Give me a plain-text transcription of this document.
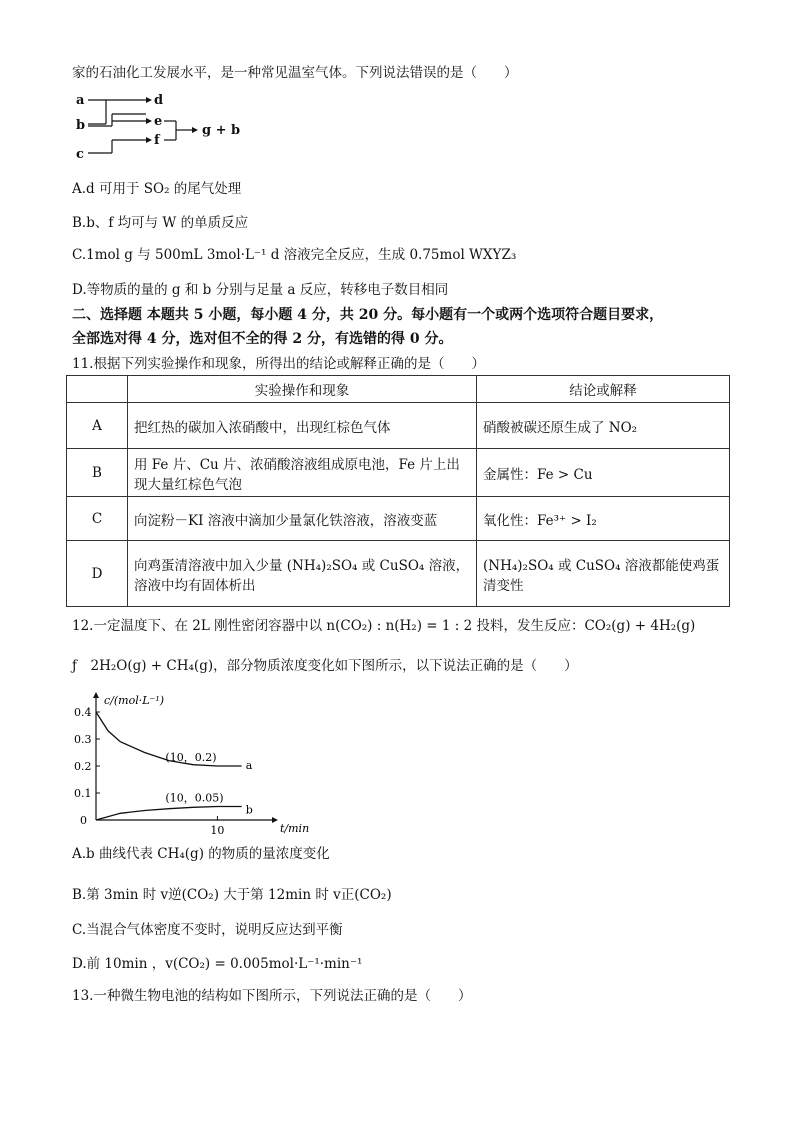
家的石油化工发展水平，是一种常见温室气体。下列说法错误的是（　　）
a
b
c
d
e
f
g + b
A.d 可用于 SO₂ 的尾气处理
B.b、f 均可与 W 的单质反应
C.1mol g 与 500mL 3mol·L⁻¹ d 溶液完全反应，生成 0.75mol WXYZ₃
D.等物质的量的 g 和 b 分别与足量 a 反应，转移电子数目相同
二、选择题 本题共 5 小题，每小题 4 分，共 20 分。每小题有一个或两个选项符合题目要求，
全部选对得 4 分，选对但不全的得 2 分，有选错的得 0 分。
11.根据下列实验操作和现象，所得出的结论或解释正确的是（　　）
	实验操作和现象	结论或解释
A	把红热的碳加入浓硝酸中，出现红棕色气体	硝酸被碳还原生成了 NO₂
B	用 Fe 片、Cu 片、浓硝酸溶液组成原电池，Fe 片上出现大量红棕色气泡	金属性：Fe > Cu
C	向淀粉－KI 溶液中滴加少量氯化铁溶液，溶液变蓝	氧化性：Fe³⁺ > I₂
D	向鸡蛋清溶液中加入少量 (NH₄)₂SO₄ 或 CuSO₄ 溶液，溶液中均有固体析出	(NH₄)₂SO₄ 或 CuSO₄ 溶液都能使鸡蛋清变性
12.一定温度下、在 2L 刚性密闭容器中以 n(CO₂) : n(H₂) = 1 : 2 投料，发生反应：CO₂(g) + 4H₂(g)
ƒ　2H₂O(g) + CH₄(g)，部分物质浓度变化如下图所示，以下说法正确的是（　　）
c/(mol·L⁻¹)
t/min
0
0.4
0.3
0.2
0.1
10
a
b
(10，0.2)
(10，0.05)
A.b 曲线代表 CH₄(g) 的物质的量浓度变化
B.第 3min 时 v逆(CO₂) 大于第 12min 时 v正(CO₂)
C.当混合气体密度不变时，说明反应达到平衡
D.前 10min ，v(CO₂) = 0.005mol·L⁻¹·min⁻¹
13.一种微生物电池的结构如下图所示，下列说法正确的是（　　）
